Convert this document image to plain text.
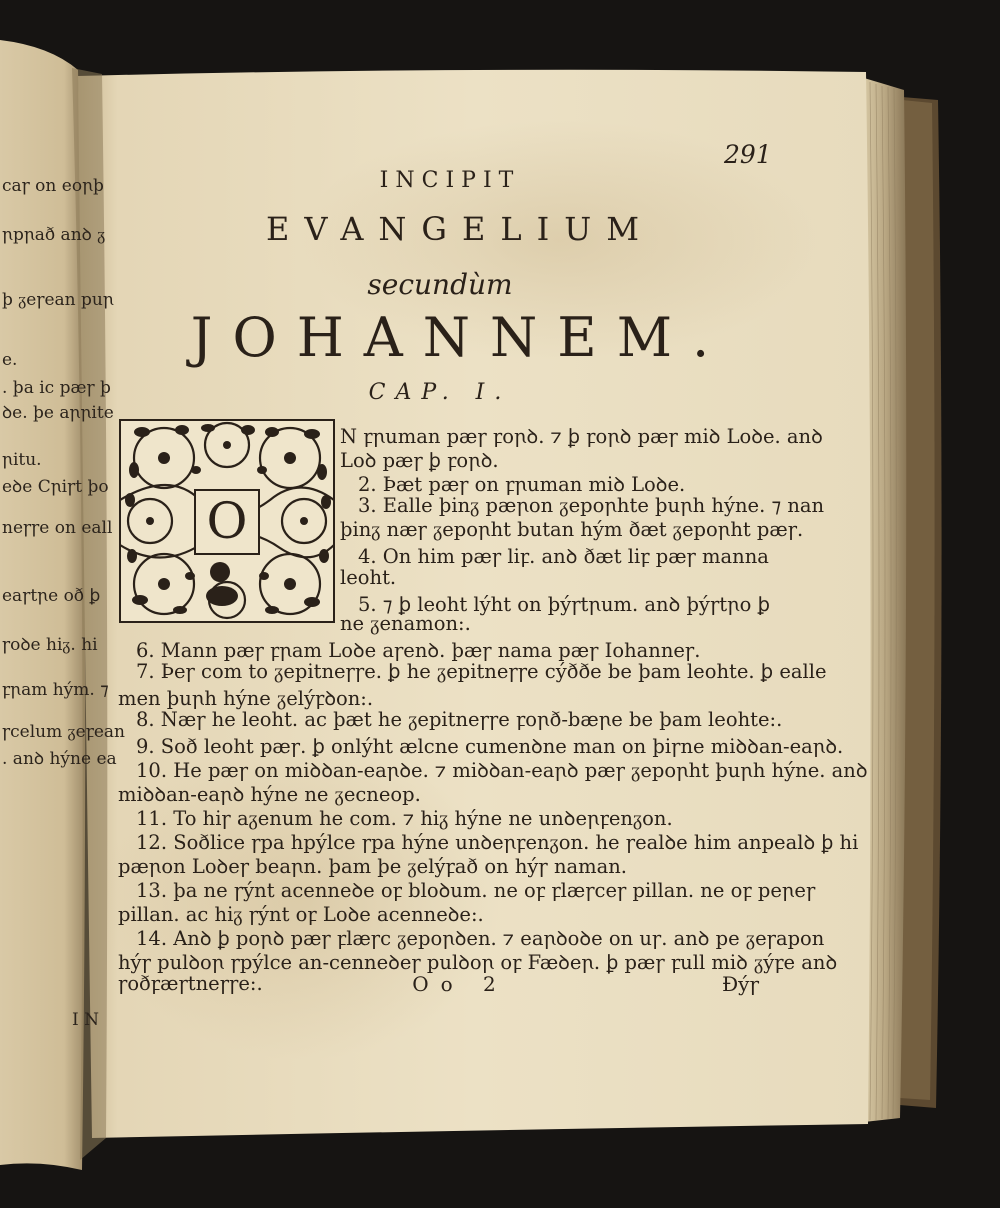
O
291
INCIPIT
EVANGELIUM
secundùm
JOHANNEM.
CAP. I.
N ꝼꞃuman pæꞅ ꝼoꞃꝺ. ⁊ ꝧ ꝼoꞃꝺ pæꞅ miꝺ Loꝺe. anꝺ
Loꝺ pæꞅ ꝧ ꝼoꞃꝺ.
2. Þæt pæꞅ on ꝼꞃuman miꝺ Loꝺe.
3. Ealle þinᵹ pæꞃon ᵹepoꞃhte þuꞃh hýne. ⁊ nan
þinᵹ næꞅ ᵹepoꞃht butan hým ðæt ᵹepoꞃht pæꞅ.
4. On him pæꞅ liꝼ. anꝺ ðæt liꝼ pæꞅ manna
leoht.
5. ⁊ ꝧ leoht lýht on þýꞅtꞃum. anꝺ þýꞅtꞃo ꝧ
ne ᵹenamon:.
6. Mann pæꞅ ꝼꞃam Loꝺe aꞅenꝺ. þæꞅ nama pæꞅ Iohanneꞅ.
7. Þeꞅ com to ᵹepitneꞅꞅe. ꝧ he ᵹepitneꞅꞅe cýððe be þam leohte. ꝧ ealle
men þuꞃh hýne ᵹelýꝼꝺon:.
8. Næꞅ he leoht. ac þæt he ᵹepitneꞅꞅe ꝼoꞃð-bæꞃe be þam leohte:.
9. Soð leoht pæꞅ. ꝧ onlýht ælcne cumenꝺne man on þiꞅne miꝺꝺan-eaꞃꝺ.
10. He pæꞅ on miꝺꝺan-eaꞃꝺe. ⁊ miꝺꝺan-eaꞃꝺ pæꞅ ᵹepoꞃht þuꞃh hýne. anꝺ
miꝺꝺan-eaꞃꝺ hýne ne ᵹecneop.
11. To hiꞅ aᵹenum he com. ⁊ hiᵹ hýne ne unꝺeꞃꝼenᵹon.
12. Soðlice ꞅpa hpýlce ꞅpa hýne unꝺeꞃꝼenᵹon. he ꞅealꝺe him anpealꝺ ꝧ hi
pæꞃon Loꝺeꞅ beaꞃn. þam þe ᵹelýꝼað on hýꞅ naman.
13. þa ne ꞅýnt acenneꝺe oꝼ bloꝺum. ne oꝼ ꝼlæꞅceꞅ pillan. ne oꝼ peꞃeꞅ
pillan. ac hiᵹ ꞅýnt oꝼ Loꝺe acenneꝺe:.
14. Anꝺ ꝧ poꞃꝺ pæꞅ ꝼlæꞅc ᵹepoꞃꝺen. ⁊ eaꞃꝺoꝺe on uꞅ. anꝺ pe ᵹeꞅapon
hýꞅ pulꝺoꞃ ꞅpýlce an-cenneꝺeꞅ pulꝺoꞃ oꝼ Fæꝺeꞃ. ꝧ pæꞅ ꝼull miꝺ ᵹýꝼe anꝺ
ꞅoðꝼæꞅtneꞅꞅe:.	Oo 2	Đýꞅ
caꞅ on eoꞃþ
ꞃpꞃað anꝺ ᵹ
þ ᵹeꞅean puꞃ
e.
. þa ic pæꞅ þ
ꝺe. þe aꞃꞃite
ꞃitu.
eꝺe Cꞃiꞅt þo
neꞅꞅe on eall
eaꞅtꞃe oð ꝧ
ꞅoꝺe hiᵹ. hi
ꝼꞃam hým. ⁊
ꞅcelum ᵹeꝼean
. anꝺ hýne ea
I N
